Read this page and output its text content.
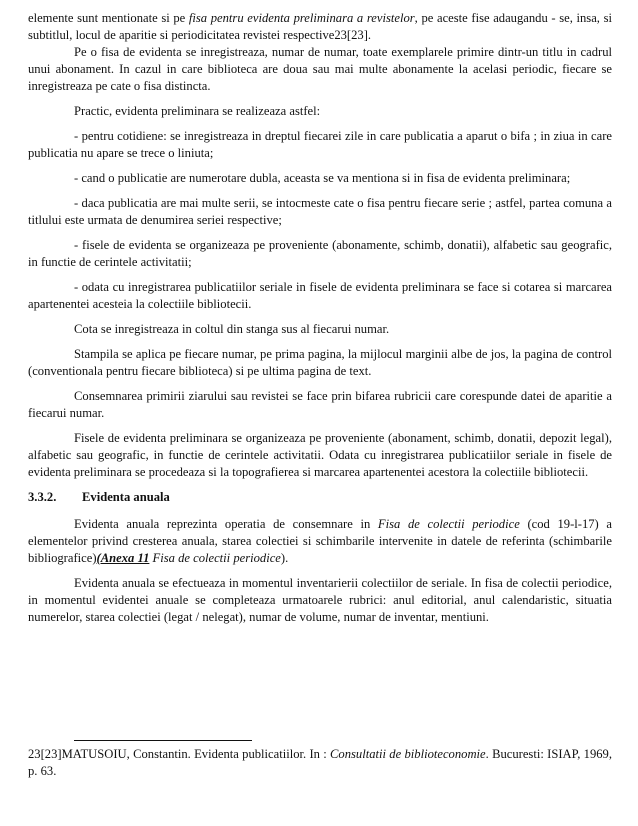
elemente sunt mentionate si pe fisa pentru evidenta preliminara a revistelor, pe aceste fise adaugandu - se, insa, si subtitlul, locul de aparitie si periodicitatea revistei respective23[23].

Pe o fisa de evidenta se inregistreaza, numar de numar, toate exemplarele primire dintr-un titlu in cadrul unui abonament. In cazul in care biblioteca are doua sau mai multe abonamente la acelasi periodic, fiecare se inregistreaza pe cate o fisa distincta.

Practic, evidenta preliminara se realizeaza astfel:

- pentru cotidiene: se inregistreaza in dreptul fiecarei zile in care publicatia a aparut o bifa ; in ziua in care publicatia nu apare se trece o liniuta;

- cand o publicatie are numerotare dubla, aceasta se va mentiona si in fisa de evidenta preliminara;

- daca publicatia are mai multe serii, se intocmeste cate o fisa pentru fiecare serie ; astfel, partea comuna a titlului este urmata de denumirea seriei respective;

- fisele de evidenta se organizeaza pe proveniente (abonamente, schimb, donatii), alfabetic sau geografic, in functie de cerintele activitatii;

- odata cu inregistrarea publicatiilor seriale in fisele de evidenta preliminara se face si cotarea si marcarea apartenentei acesteia la colectiile bibliotecii.

Cota se inregistreaza in coltul din stanga sus al fiecarui numar.

Stampila se aplica pe fiecare numar, pe prima pagina, la mijlocul marginii albe de jos, la pagina de control (conventionala pentru fiecare biblioteca) si pe ultima pagina de text.

Consemnarea primirii ziarului sau revistei se face prin bifarea rubricii care corespunde datei de aparitie a fiecarui numar.

Fisele de evidenta preliminara se organizeaza pe proveniente (abonament, schimb, donatii, depozit legal), alfabetic sau geografic, in functie de cerintele activitatii. Odata cu inregistrarea publicatiilor seriale in fisele de evidenta preliminara se procedeaza si la topografierea si marcarea apartenentei acestora la colectiile bibliotecii.

3.3.2. Evidenta anuala

Evidenta anuala reprezinta operatia de consemnare in Fisa de colectii periodice (cod 19-l-17) a elementelor privind cresterea anuala, starea colectiei si schimbarile intervenite in datele de referinta (schimbarile bibliografice)(Anexa 11 Fisa de colectii periodice).

Evidenta anuala se efectueaza in momentul inventarierii colectiilor de seriale. In fisa de colectii periodice, in momentul evidentei anuale se completeaza urmatoarele rubrici: anul editorial, anul calendaristic, situatia numerelor, starea colectiei (legat / nelegat), numar de volume, numar de inventar, mentiuni.

23[23]MATUSOIU, Constantin. Evidenta publicatiilor. In : Consultatii de biblioteconomie. Bucuresti: ISIAP, 1969, p. 63.
